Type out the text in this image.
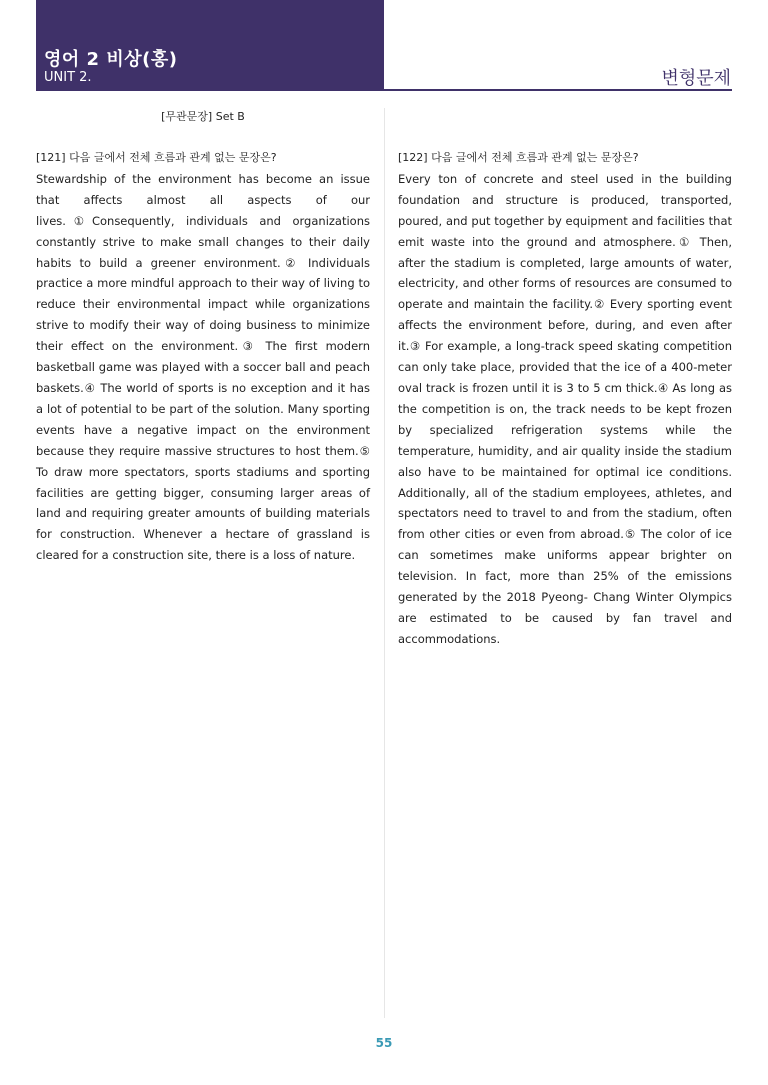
영어 2 비상(홍)
UNIT 2.	변형문제
[무관문장] Set B
[121] 다음 글에서 전체 흐름과 관계 없는 문장은?

Stewardship of the environment has become an issue that affects almost all aspects of our lives.①Consequently, individuals and organizations constantly strive to make small changes to their daily habits to build a greener environment.② Individuals practice a more mindful approach to their way of living to reduce their environmental impact while organizations strive to modify their way of doing business to minimize their effect on the environment.③ The first modern basketball game was played with a soccer ball and peach baskets.④ The world of sports is no exception and it has a lot of potential to be part of the solution. Many sporting events have a negative impact on the environment because they require massive structures to host them.⑤ To draw more spectators, sports stadiums and sporting facilities are getting bigger, consuming larger areas of land and requiring greater amounts of building materials for construction. Whenever a hectare of grassland is cleared for a construction site, there is a loss of nature.

[122] 다음 글에서 전체 흐름과 관계 없는 문장은?

Every ton of concrete and steel used in the building foundation and structure is produced, transported, poured, and put together by equipment and facilities that emit waste into the ground and atmosphere.① Then, after the stadium is completed, large amounts of water, electricity, and other forms of resources are consumed to operate and maintain the facility.② Every sporting event affects the environment before, during, and even after it.③ For example, a long-track speed skating competition can only take place, provided that the ice of a 400-meter oval track is frozen until it is 3 to 5 cm thick.④ As long as the competition is on, the track needs to be kept frozen by specialized refrigeration systems while the temperature, humidity, and air quality inside the stadium also have to be maintained for optimal ice conditions. Additionally, all of the stadium employees, athletes, and spectators need to travel to and from the stadium, often from other cities or even from abroad.⑤ The color of ice can sometimes make uniforms appear brighter on television. In fact, more than 25% of the emissions generated by the 2018 Pyeong- Chang Winter Olympics are estimated to be caused by fan travel and accommodations.

55
